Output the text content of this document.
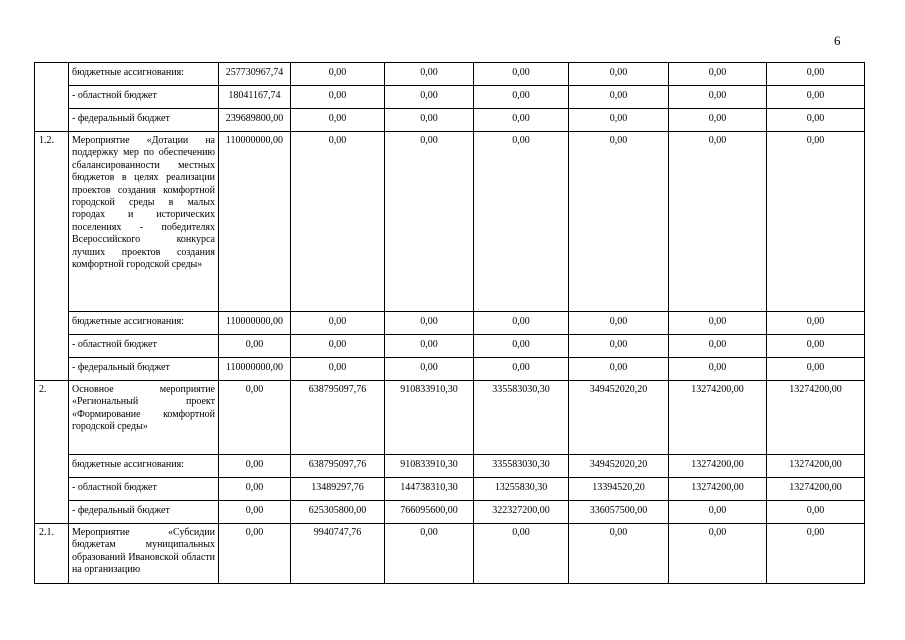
6
	бюджетные ассигнования:	257730967,74	0,00	0,00	0,00	0,00	0,00	0,00
	- областной бюджет	18041167,74	0,00	0,00	0,00	0,00	0,00	0,00
	- федеральный бюджет	239689800,00	0,00	0,00	0,00	0,00	0,00	0,00
1.2.	Мероприятие «Дотации на поддержку мер по обеспечению сбалансированности местных бюджетов в целях реализации проектов создания комфортной городской среды в малых городах и исторических поселениях - победителях Всероссийского конкурса лучших проектов создания комфортной городской среды»	110000000,00	0,00	0,00	0,00	0,00	0,00	0,00
	бюджетные ассигнования:	110000000,00	0,00	0,00	0,00	0,00	0,00	0,00
	- областной бюджет	0,00	0,00	0,00	0,00	0,00	0,00	0,00
	- федеральный бюджет	110000000,00	0,00	0,00	0,00	0,00	0,00	0,00
2.	Основное мероприятие «Региональный проект «Формирование комфортной городской среды»	0,00	638795097,76	910833910,30	335583030,30	349452020,20	13274200,00	13274200,00
	бюджетные ассигнования:	0,00	638795097,76	910833910,30	335583030,30	349452020,20	13274200,00	13274200,00
	- областной бюджет	0,00	13489297,76	144738310,30	13255830,30	13394520,20	13274200,00	13274200,00
	- федеральный бюджет	0,00	625305800,00	766095600,00	322327200,00	336057500,00	0,00	0,00
2.1.	Мероприятие «Субсидии бюджетам муниципальных образований Ивановской области на организацию	0,00	9940747,76	0,00	0,00	0,00	0,00	0,00
